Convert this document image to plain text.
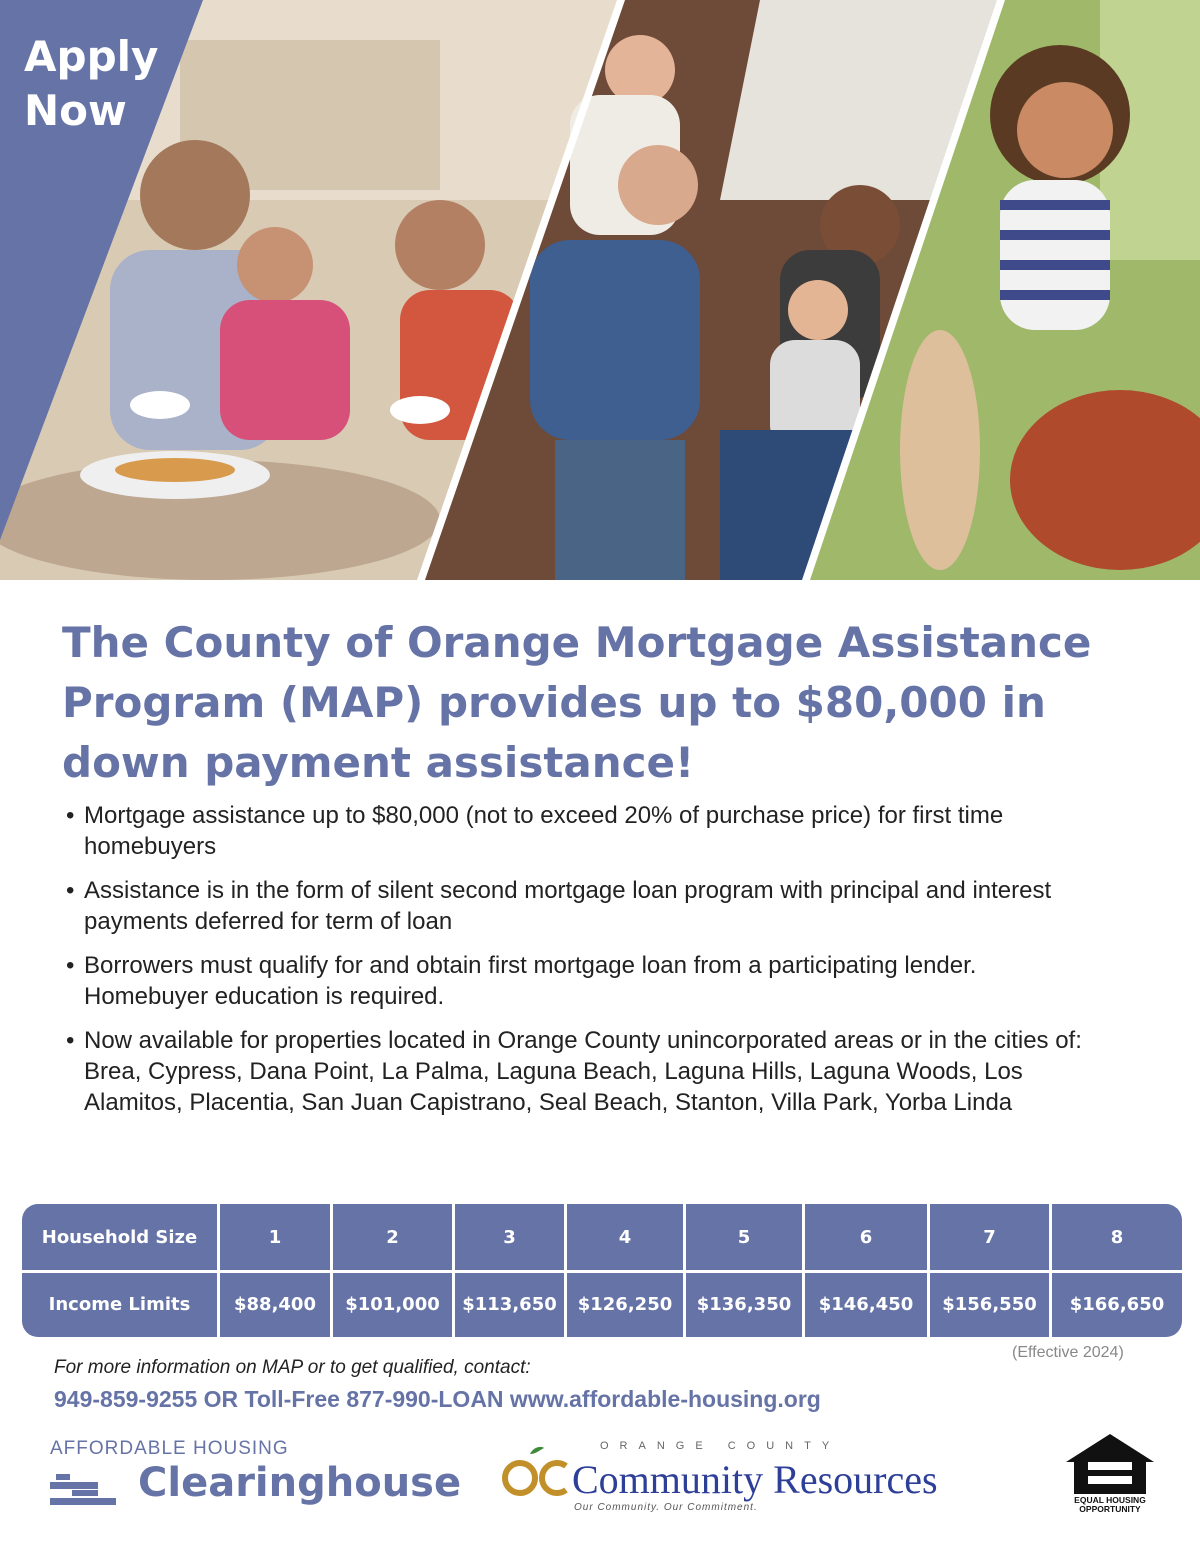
Apply
Now
The County of Orange Mortgage Assistance Program (MAP) provides up to $80,000 in down payment assistance!
• Mortgage assistance up to $80,000 (not to exceed 20% of purchase price) for first time homebuyers
• Assistance is in the form of silent second mortgage loan program with principal and interest payments deferred for term of loan
• Borrowers must qualify for and obtain first mortgage loan from a participating lender. Homebuyer education is required.
• Now available for properties located in Orange County unincorporated areas or in the cities of: Brea, Cypress, Dana Point, La Palma, Laguna Beach, Laguna Hills, Laguna Woods, Los Alamitos, Placentia, San Juan Capistrano, Seal Beach, Stanton, Villa Park, Yorba Linda
Household Size	1	2	3	4	5	6	7	8
Income Limits	$88,400	$101,000	$113,650	$126,250	$136,350	$146,450	$156,550	$166,650
(Effective 2024)
For more information on MAP or to get qualified, contact:
949-859-9255 OR Toll-Free 877-990-LOAN www.affordable-housing.org
AFFORDABLE HOUSING
Clearinghouse
ORANGE COUNTY
Community Resources
Our Community. Our Commitment.
EQUAL HOUSING OPPORTUNITY
